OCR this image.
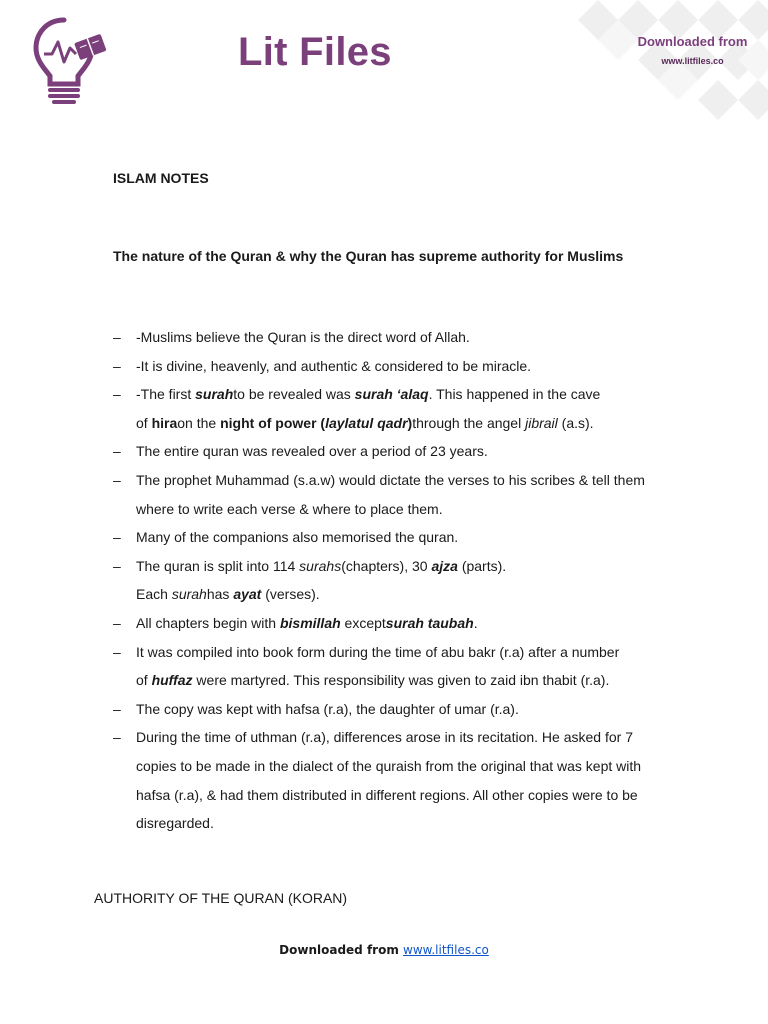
Lit Files	Downloaded from
www.litfiles.co
ISLAM NOTES
The nature of the Quran & why the Quran has supreme authority for Muslims
– -Muslims believe the Quran is the direct word of Allah.
– -It is divine, heavenly, and authentic & considered to be miracle.
– -The first surahto be revealed was surah ‘alaq. This happened in the cave
of hiraon the night of power (laylatul qadr)through the angel jibrail (a.s).
– The entire quran was revealed over a period of 23 years.
– The prophet Muhammad (s.a.w) would dictate the verses to his scribes & tell them
where to write each verse & where to place them.
– Many of the companions also memorised the quran.
– The quran is split into 114 surahs(chapters), 30 ajza (parts).
Each surahhas ayat (verses).
– All chapters begin with bismillah exceptsurah taubah.
– It was compiled into book form during the time of abu bakr (r.a) after a number
of huffaz were martyred. This responsibility was given to zaid ibn thabit (r.a).
– The copy was kept with hafsa (r.a), the daughter of umar (r.a).
– During the time of uthman (r.a), differences arose in its recitation. He asked for 7
copies to be made in the dialect of the quraish from the original that was kept with
hafsa (r.a), & had them distributed in different regions. All other copies were to be
disregarded.
AUTHORITY OF THE QURAN (KORAN)
Downloaded from www.litfiles.co
